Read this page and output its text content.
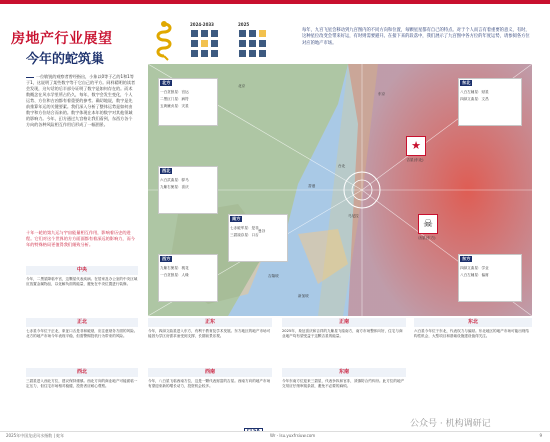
房地产行业展望
今年的蛇筑巢
一位敏锐的观察者曾经指出，小象以0等于乙的1和1等于1，这说明了某些数字等于它自己的平方。同样精明的读者会发现，这句话的后半部分证明了数字是如何存在的。而术数概念在风水学里所占仍久，每年，数字会发生变化，个人运势、方位和吉凶都有着重要的参考。确切地说，数字是先前推算年运的关键要素。我们深入分析了整体运势是如何由数字和方位结合而来的。数字体现在本年的数字对其他领域的影响力。今年，幻方通过九宫格让我们看到，东西方各个方向的各种风险相互作用后形成了一幅图景。
十年一轮的第九运与宇宙能量相互作用，影响着历史的进程。它们对这个世界的方方面面都有着深远的影响力，而今年的特殊格局更值得我们细致分析。
2024-2033	2025
每年，九宫飞星会移动到九宫图内的不同方向和位置，每颗星星都有自己的特点。对于个人而言有着重要的意义，有时，这种星位改变会带来好运，有时则需要避开。在接下来的段落中，我们展示了九宫图中各方位的年度运势，请参阅各方位对应的地产市场。
北方
一白贪狼星：官运
二黑巨门星：病符
五黄廉贞星：灾星
东北
八白左辅星：财星
四绿文曲星：文昌
西北
六白武曲星：驿马
九紫右弼星：喜庆
南方
七赤破军星：是非
三碧禄存星：口舌
东方
四绿文曲星：学业
八白左辅星：偏财
西方
九紫右弼星：桃花
一白贪狼星：人缘
★
吉星(东北)
☠
凶星(东方)
北京
东京
香港
台北
新加坡
吉隆坡
马尼拉
曼谷
中央
今年，二黑星降临中宫，这颗星代表疾病。在居家及办公室的中央区域应放置金属物品，以化解负面的能量，避免在中央位置进行装修。
正北
七赤星今年位于正北，象征口舌是非和破财，应注意财务方面的风险。北方的地产市场今年表现平稳，但需警惕投机行为带来的风险。
正东
今年，四绿文曲星进入东方，有利于教育及学术发展。东方地区的地产市场可能因为学区房需求而受到支撑，长期前景乐观。
正南
2025年，象征喜庆和吉祥的九紫星飞临南方，南方市场整体向好，住宅与商业地产均有望受益于这颗吉星的能量。
东南
今年东南方位迎来三碧星，代表争执和官非，须慎防合约纠纷。此方位的地产交易应仔细审阅条款，避免不必要的麻烦。
西北
三碧星进入西北方位，建议保持谨慎。西北方向的商业地产可能面临一定压力，但住宅市场相对稳健，投资者应耐心观察。
西南
今年，八白星飞临西南方位，这是一颗代表财富的吉星。西南方向的地产市场有望迎来新的增长动力，投资机会较多。
东北
六白星今年位于东北，代表权力与偏财。东北地区的地产市场可能出现结构性机会，大型项目和基础设施建设值得关注。
公众号 · 机构调研记
2025年中国龙虎风水指数 | 蛇年	Wr ‑ lsu.yuxfrsiuw.com	9
